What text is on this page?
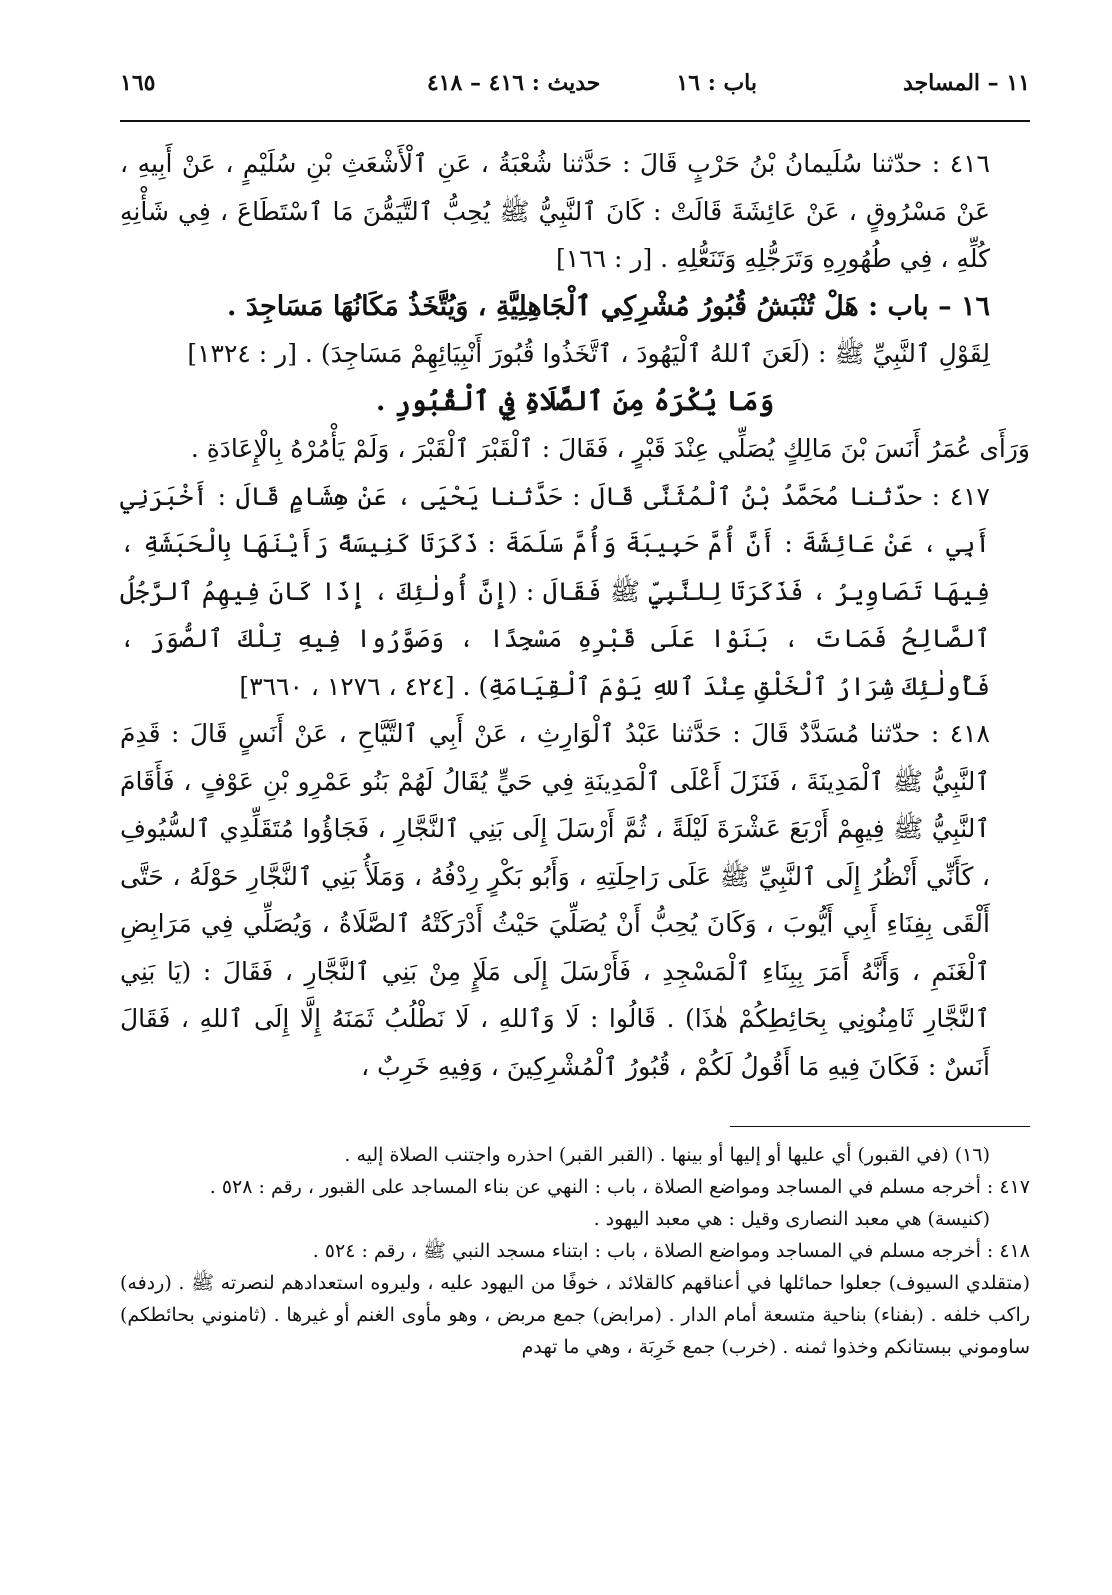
١١ – المساجد
باب : ١٦
حديث : ٤١٦ – ٤١٨
١٦٥

٤١٦ : حدّثنا سُلَيمانُ بْنُ حَرْبٍ قَالَ : حَدَّثنا شُعْبَةُ ، عَنِ ٱلْأَشْعَثِ بْنِ سُلَيْمٍ ، عَنْ أَبِيهِ ، عَنْ مَسْرُوقٍ ، عَنْ عَائِشَةَ قَالَتْ : كَانَ ٱلنَّبِيُّ ﷺ يُحِبُّ ٱلتَّيَمُّنَ مَا ٱسْتَطَاعَ ، فِي شَأْنِهِ كُلِّهِ ، فِي طُهُورِهِ وَتَرَجُّلِهِ وَتَنَعُّلِهِ . [ر : ١٦٦]

١٦ – باب : هَلْ تُنْبَشُ قُبُورُ مُشْرِكِي ٱلْجَاهِلِيَّةِ ، وَيُتَّخَذُ مَكَانُهَا مَسَاجِدَ .

لِقَوْلِ ٱلنَّبِيِّ ﷺ : (لَعَنَ ٱللهُ ٱلْيَهُودَ ، ٱتَّخَذُوا قُبُورَ أَنْبِيَائِهِمْ مَسَاجِدَ) . [ر : ١٣٢٤]

وَمَا يُكْرَهُ مِنَ ٱلصَّلَاةِ فِي ٱلْقُبُورِ .

وَرَأَى عُمَرُ أَنَسَ بْنَ مَالِكٍ يُصَلِّي عِنْدَ قَبْرٍ ، فَقَالَ : ٱلْقَبْرَ ٱلْقَبْرَ ، وَلَمْ يَأْمُرْهُ بِالْإِعَادَةِ .

٤١٧ : حدّثنا مُحَمَّدُ بْنُ ٱلْمُثَنَّى قَالَ : حَدَّثنا يَحْيَى ، عَنْ هِشَامٍ قَالَ : أَخْبَرَنِي أَبِي ، عَنْ عَائِشَةَ : أَنَّ أُمَّ حَبِيبَةَ وَأُمَّ سَلَمَةَ : ذَكَرَتَا كَنِيسَةً رَأَيْنَهَا بِالْحَبَشَةِ ، فِيهَا تَصَاوِيرُ ، فَذَكَرَتَا لِلنَّبِيِّ ﷺ فَقَالَ : (إِنَّ أُولٰئِكَ ، إِذَا كَانَ فِيهِمُ ٱلرَّجُلُ ٱلصَّالِحُ فَمَاتَ ، بَنَوْا عَلَى قَبْرِهِ مَسْجِدًا ، وَصَوَّرُوا فِيهِ تِلْكَ ٱلصُّوَرَ ، فَأُولٰئِكَ شِرَارُ ٱلْخَلْقِ عِنْدَ ٱللهِ يَوْمَ ٱلْقِيَامَةِ) . [٤٢٤ ، ١٢٧٦ ، ٣٦٦٠]

٤١٨ : حدّثنا مُسَدَّدٌ قَالَ : حَدَّثنا عَبْدُ ٱلْوَارِثِ ، عَنْ أَبِي ٱلتَّيَّاحِ ، عَنْ أَنَسٍ قَالَ : قَدِمَ ٱلنَّبِيُّ ﷺ ٱلْمَدِينَةَ ، فَنَزَلَ أَعْلَى ٱلْمَدِينَةِ فِي حَيٍّ يُقَالُ لَهُمْ بَنُو عَمْرِو بْنِ عَوْفٍ ، فَأَقَامَ ٱلنَّبِيُّ ﷺ فِيهِمْ أَرْبَعَ عَشْرَةَ لَيْلَةً ، ثُمَّ أَرْسَلَ إِلَى بَنِي ٱلنَّجَّارِ ، فَجَاؤُوا مُتَقَلِّدِي ٱلسُّيُوفِ ، كَأَنِّي أَنْظُرُ إِلَى ٱلنَّبِيِّ ﷺ عَلَى رَاحِلَتِهِ ، وَأَبُو بَكْرٍ رِدْفُهُ ، وَمَلَأُ بَنِي ٱلنَّجَّارِ حَوْلَهُ ، حَتَّى أَلْقَى بِفِنَاءِ أَبِي أَيُّوبَ ، وَكَانَ يُحِبُّ أَنْ يُصَلِّيَ حَيْثُ أَدْرَكَتْهُ ٱلصَّلَاةُ ، وَيُصَلِّي فِي مَرَابِضِ ٱلْغَنَمِ ، وَأَنَّهُ أَمَرَ بِبِنَاءِ ٱلْمَسْجِدِ ، فَأَرْسَلَ إِلَى مَلَإٍ مِنْ بَنِي ٱلنَّجَّارِ ، فَقَالَ : (يَا بَنِي ٱلنَّجَّارِ ثَامِنُونِي بِحَائِطِكُمْ هٰذَا) . قَالُوا : لَا وَٱللهِ ، لَا نَطْلُبُ ثَمَنَهُ إِلَّا إِلَى ٱللهِ ، فَقَالَ أَنَسٌ : فَكَانَ فِيهِ مَا أَقُولُ لَكُمْ ، قُبُورُ ٱلْمُشْرِكِينَ ، وَفِيهِ خَرِبٌ ،

(١٦) (في القبور) أي عليها أو إليها أو بينها . (القبر القبر) احذره واجتنب الصلاة إليه .

٤١٧ : أخرجه مسلم في المساجد ومواضع الصلاة ، باب : النهي عن بناء المساجد على القبور ، رقم : ٥٢٨ .

(كنيسة) هي معبد النصارى وقيل : هي معبد اليهود .

٤١٨ : أخرجه مسلم في المساجد ومواضع الصلاة ، باب : ابتناء مسجد النبي ﷺ ، رقم : ٥٢٤ .

(متقلدي السيوف) جعلوا حمائلها في أعناقهم كالقلائد ، خوفًا من اليهود عليه ، وليروه استعدادهم لنصرته ﷺ . (ردفه) راكب خلفه . (بفناء) بناحية متسعة أمام الدار . (مرابض) جمع مربض ، وهو مأوى الغنم أو غيرها . (ثامنوني بحائطكم) ساوموني ببستانكم وخذوا ثمنه . (خرب) جمع خَرِبَة ، وهي ما تهدم
